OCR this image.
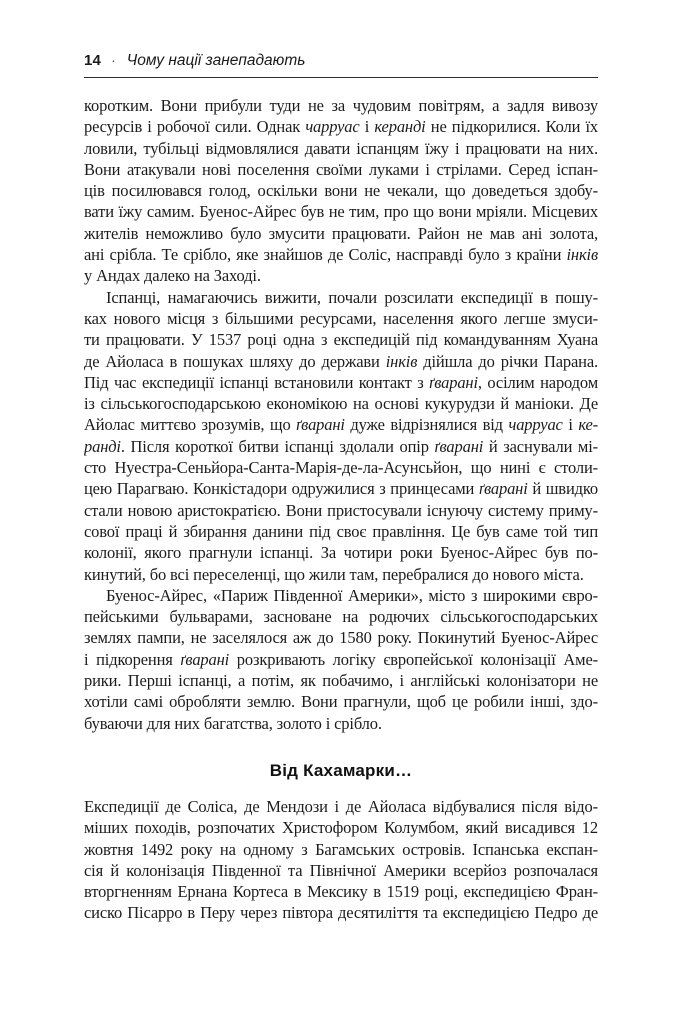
14 · Чому нації занепадають
коротким. Вони прибули туди не за чудовим повітрям, а задля вивозу
ресурсів і робочої сили. Однак чарруас і керанді не підкорилися. Коли їх
ловили, тубільці відмовлялися давати іспанцям їжу і працювати на них.
Вони атакували нові поселення своїми луками і стрілами. Серед іспан-
ців посилювався голод, оскільки вони не чекали, що доведеться здобу-
вати їжу самим. Буенос-Айрес був не тим, про що вони мріяли. Місцевих
жителів неможливо було змусити працювати. Район не мав ані золота,
ані срібла. Те срібло, яке знайшов де Соліс, насправді було з країни інків
у Андах далеко на Заході.
Іспанці, намагаючись вижити, почали розсилати експедиції в пошу-
ках нового місця з більшими ресурсами, населення якого легше змуси-
ти працювати. У 1537 році одна з експедицій під командуванням Хуана
де Айоласа в пошуках шляху до держави інків дійшла до річки Парана.
Під час експедиції іспанці встановили контакт з ґварані, осілим народом
із сільськогосподарською економікою на основі кукурудзи й маніоки. Де
Айолас миттєво зрозумів, що ґварані дуже відрізнялися від чарруас і ке-
ранді. Після короткої битви іспанці здолали опір ґварані й заснували мі-
сто Нуестра-Сеньйора-Санта-Марія-де-ла-Асунсьйон, що нині є столи-
цею Парагваю. Конкістадори одружилися з принцесами ґварані й швидко
стали новою аристократією. Вони пристосували існуючу систему приму-
сової праці й збирання данини під своє правління. Це був саме той тип
колонії, якого прагнули іспанці. За чотири роки Буенос-Айрес був по-
кинутий, бо всі переселенці, що жили там, перебралися до нового міста.
Буенос-Айрес, «Париж Південної Америки», місто з широкими євро-
пейськими бульварами, засноване на родючих сільськогосподарських
землях пампи, не заселялося аж до 1580 року. Покинутий Буенос-Айрес
і підкорення ґварані розкривають логіку європейської колонізації Аме-
рики. Перші іспанці, а потім, як побачимо, і англійські колонізатори не
хотіли самі обробляти землю. Вони прагнули, щоб це робили інші, здо-
буваючи для них багатства, золото і срібло.
Від Кахамарки…
Експедиції де Соліса, де Мендози і де Айоласа відбувалися після відо-
міших походів, розпочатих Христофором Колумбом, який висадився 12
жовтня 1492 року на одному з Багамських островів. Іспанська експан-
сія й колонізація Південної та Північної Америки всерйоз розпочалася
вторгненням Ернана Кортеса в Мексику в 1519 році, експедицією Фран-
сиско Пісарро в Перу через півтора десятиліття та експедицією Педро де
